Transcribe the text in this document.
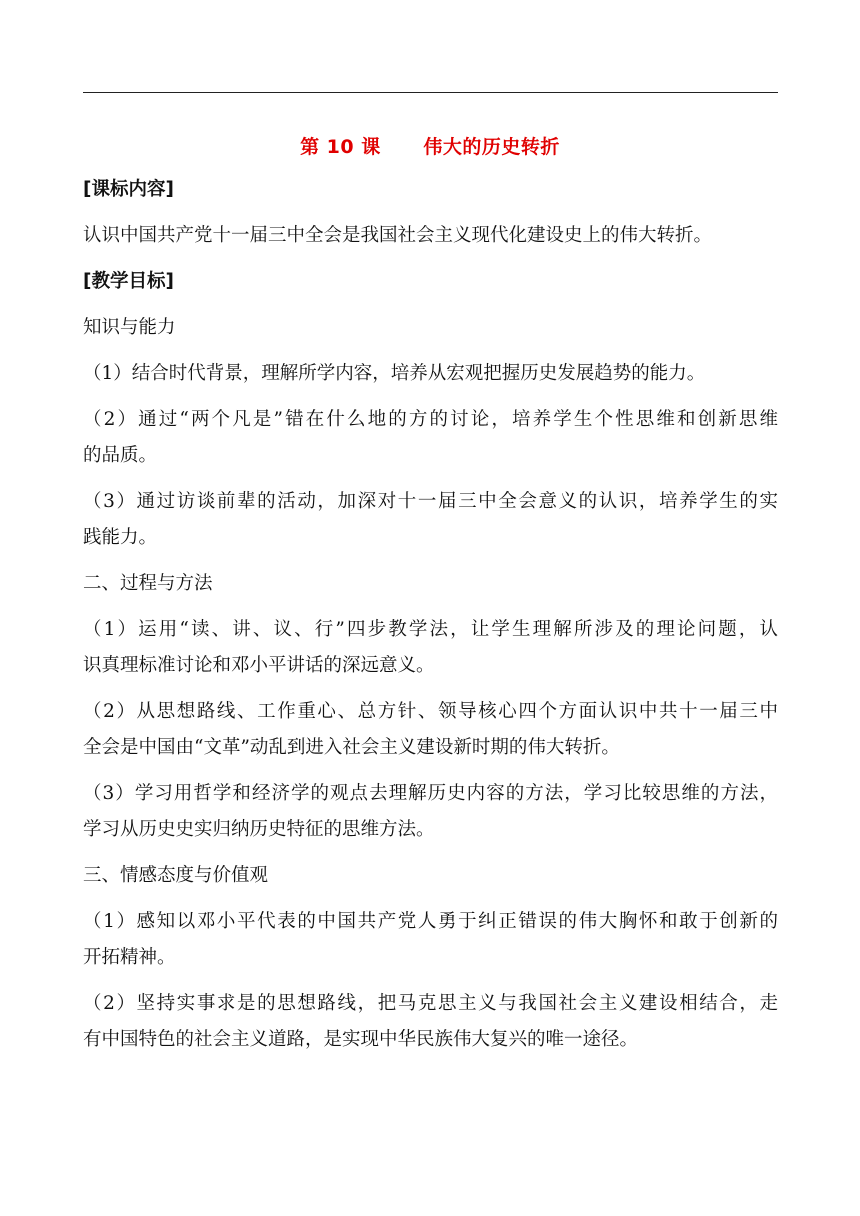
第 10 课      伟大的历史转折
[课标内容]
认识中国共产党十一届三中全会是我国社会主义现代化建设史上的伟大转折。
[教学目标]
知识与能力
（1）结合时代背景，理解所学内容，培养从宏观把握历史发展趋势的能力。
（2）通过“两个凡是”错在什么地的方的讨论，培养学生个性思维和创新思维
的品质。
（3）通过访谈前辈的活动，加深对十一届三中全会意义的认识，培养学生的实
践能力。
二、过程与方法
（1）运用“读、讲、议、行”四步教学法，让学生理解所涉及的理论问题，认
识真理标准讨论和邓小平讲话的深远意义。
（2）从思想路线、工作重心、总方针、领导核心四个方面认识中共十一届三中
全会是中国由“文革”动乱到进入社会主义建设新时期的伟大转折。
（3）学习用哲学和经济学的观点去理解历史内容的方法，学习比较思维的方法，
学习从历史史实归纳历史特征的思维方法。
三、情感态度与价值观
（1）感知以邓小平代表的中国共产党人勇于纠正错误的伟大胸怀和敢于创新的
开拓精神。
（2）坚持实事求是的思想路线，把马克思主义与我国社会主义建设相结合，走
有中国特色的社会主义道路，是实现中华民族伟大复兴的唯一途径。
